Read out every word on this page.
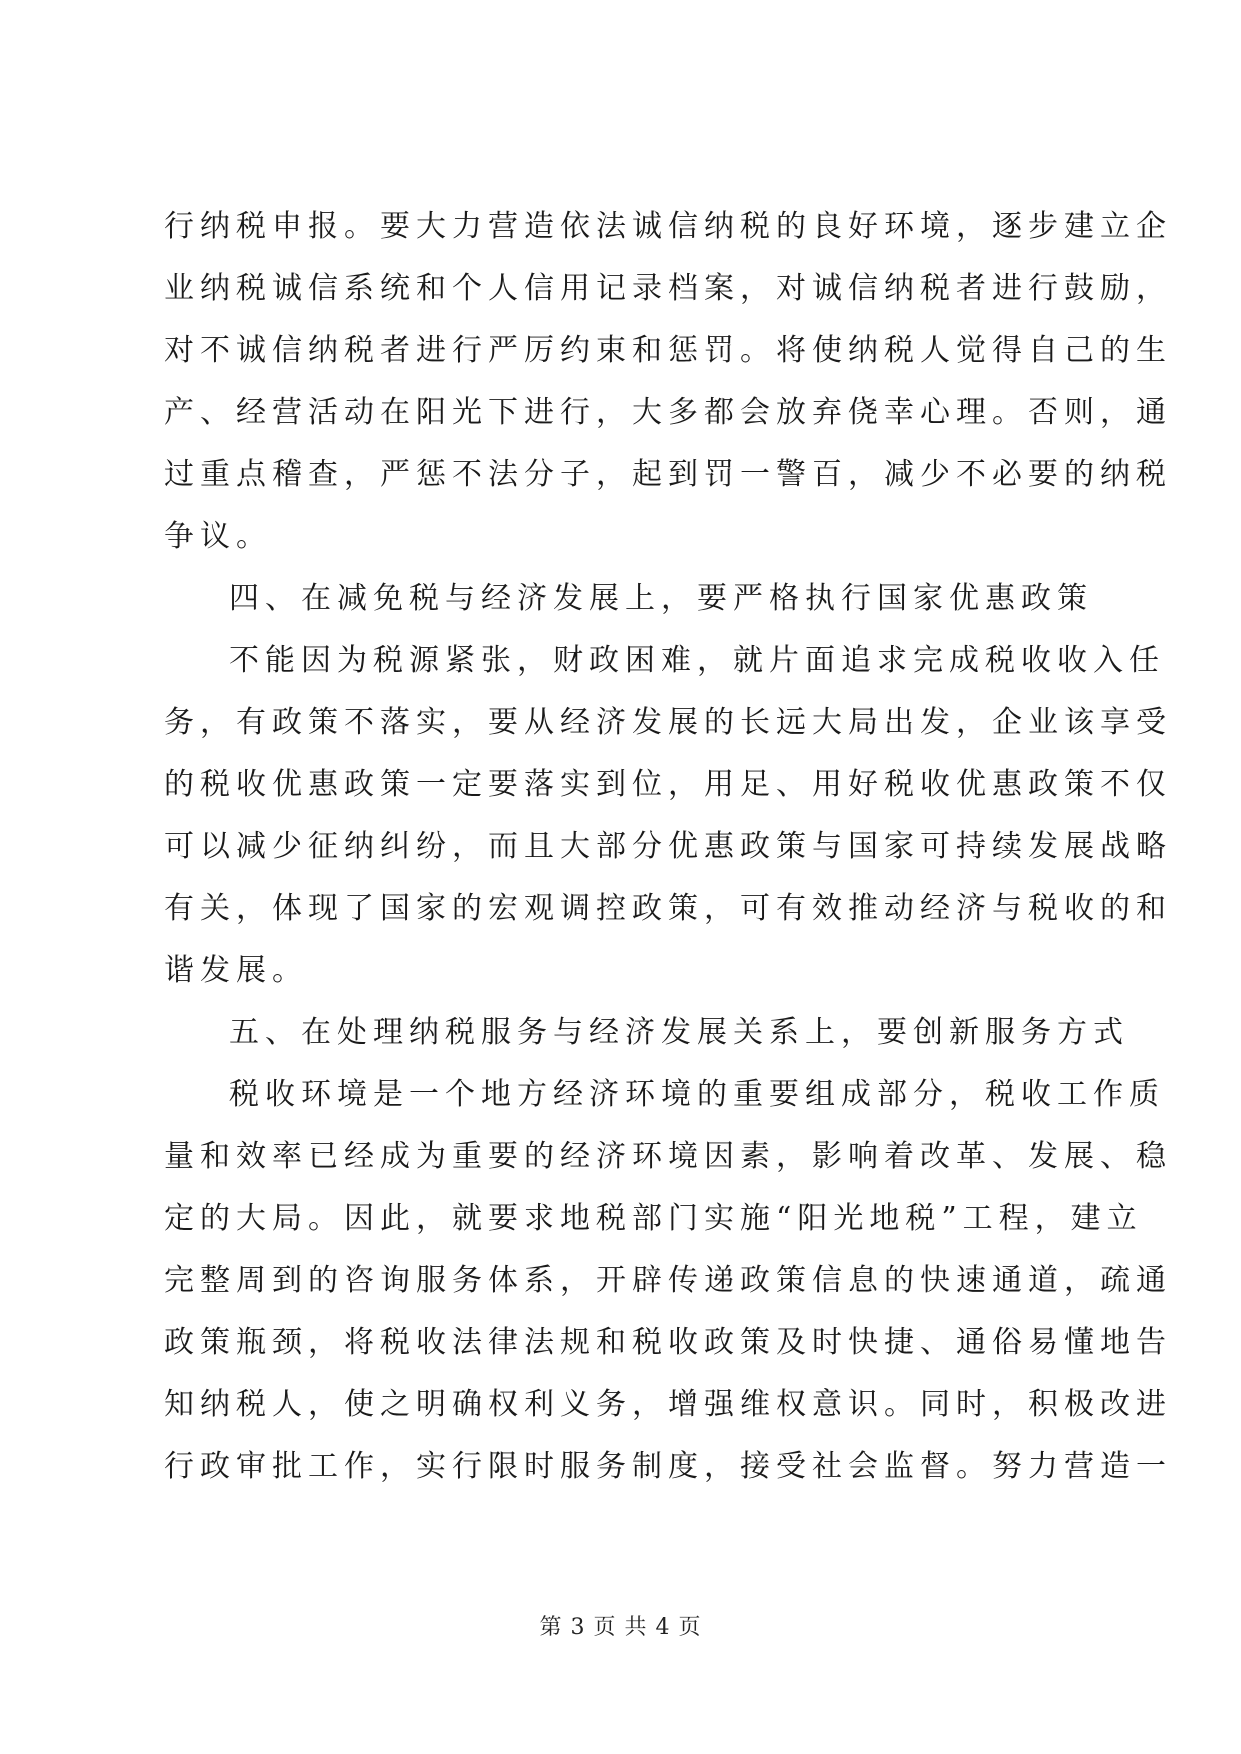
行纳税申报。要大力营造依法诚信纳税的良好环境，逐步建立企
业纳税诚信系统和个人信用记录档案，对诚信纳税者进行鼓励，
对不诚信纳税者进行严厉约束和惩罚。将使纳税人觉得自己的生
产、经营活动在阳光下进行，大多都会放弃侥幸心理。否则，通
过重点稽查，严惩不法分子，起到罚一警百，减少不必要的纳税
争议。
四、在减免税与经济发展上，要严格执行国家优惠政策
不能因为税源紧张，财政困难，就片面追求完成税收收入任
务，有政策不落实，要从经济发展的长远大局出发，企业该享受
的税收优惠政策一定要落实到位，用足、用好税收优惠政策不仅
可以减少征纳纠纷，而且大部分优惠政策与国家可持续发展战略
有关，体现了国家的宏观调控政策，可有效推动经济与税收的和
谐发展。
五、在处理纳税服务与经济发展关系上，要创新服务方式
税收环境是一个地方经济环境的重要组成部分，税收工作质
量和效率已经成为重要的经济环境因素，影响着改革、发展、稳
定的大局。因此，就要求地税部门实施“阳光地税”工程，建立
完整周到的咨询服务体系，开辟传递政策信息的快速通道，疏通
政策瓶颈，将税收法律法规和税收政策及时快捷、通俗易懂地告
知纳税人，使之明确权利义务，增强维权意识。同时，积极改进
行政审批工作，实行限时服务制度，接受社会监督。努力营造一
第 3 页 共 4 页
